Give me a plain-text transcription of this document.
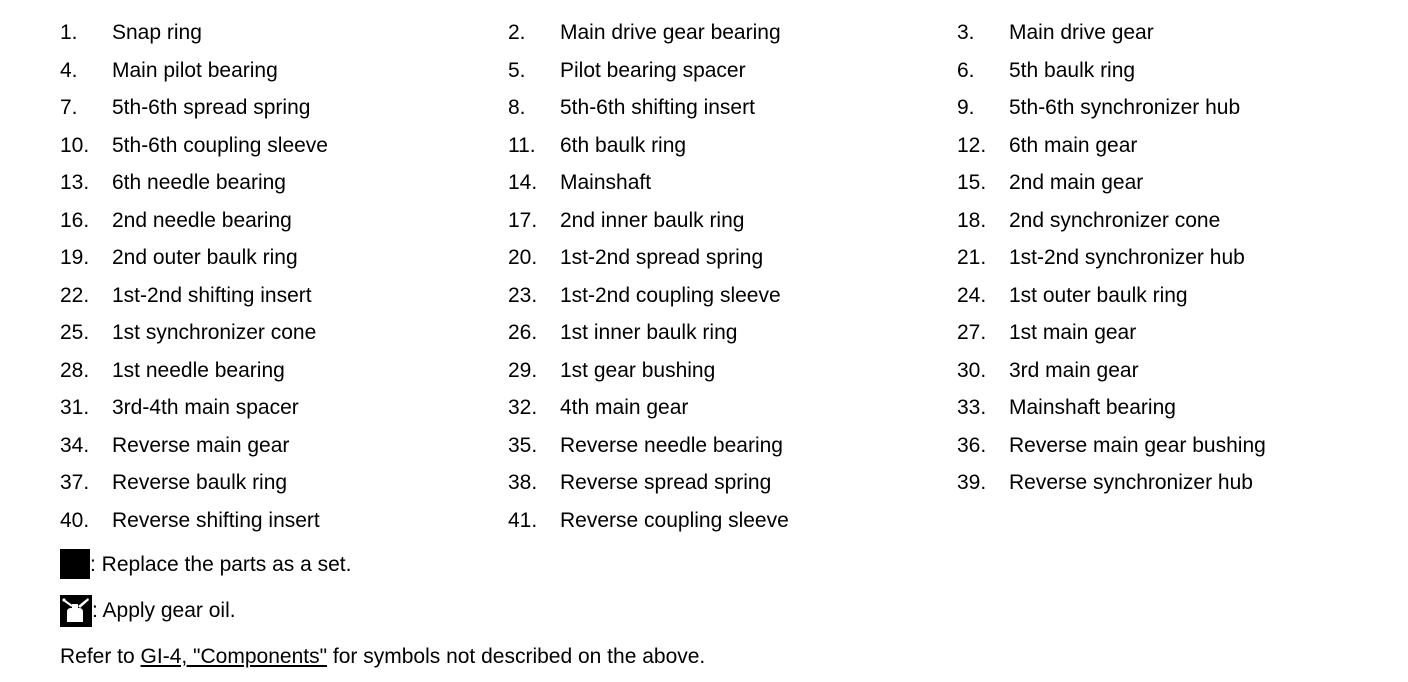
1. Snap ring	2. Main drive gear bearing	3. Main drive gear
4. Main pilot bearing	5. Pilot bearing spacer	6. 5th baulk ring
7. 5th-6th spread spring	8. 5th-6th shifting insert	9. 5th-6th synchronizer hub
10. 5th-6th coupling sleeve	11. 6th baulk ring	12. 6th main gear
13. 6th needle bearing	14. Mainshaft	15. 2nd main gear
16. 2nd needle bearing	17. 2nd inner baulk ring	18. 2nd synchronizer cone
19. 2nd outer baulk ring	20. 1st-2nd spread spring	21. 1st-2nd synchronizer hub
22. 1st-2nd shifting insert	23. 1st-2nd coupling sleeve	24. 1st outer baulk ring
25. 1st synchronizer cone	26. 1st inner baulk ring	27. 1st main gear
28. 1st needle bearing	29. 1st gear bushing	30. 3rd main gear
31. 3rd-4th main spacer	32. 4th main gear	33. Mainshaft bearing
34. Reverse main gear	35. Reverse needle bearing	36. Reverse main gear bushing
37. Reverse baulk ring	38. Reverse spread spring	39. Reverse synchronizer hub
40. Reverse shifting insert	41. Reverse coupling sleeve
: Replace the parts as a set.
: Apply gear oil.
Refer to GI-4, "Components" for symbols not described on the above.
